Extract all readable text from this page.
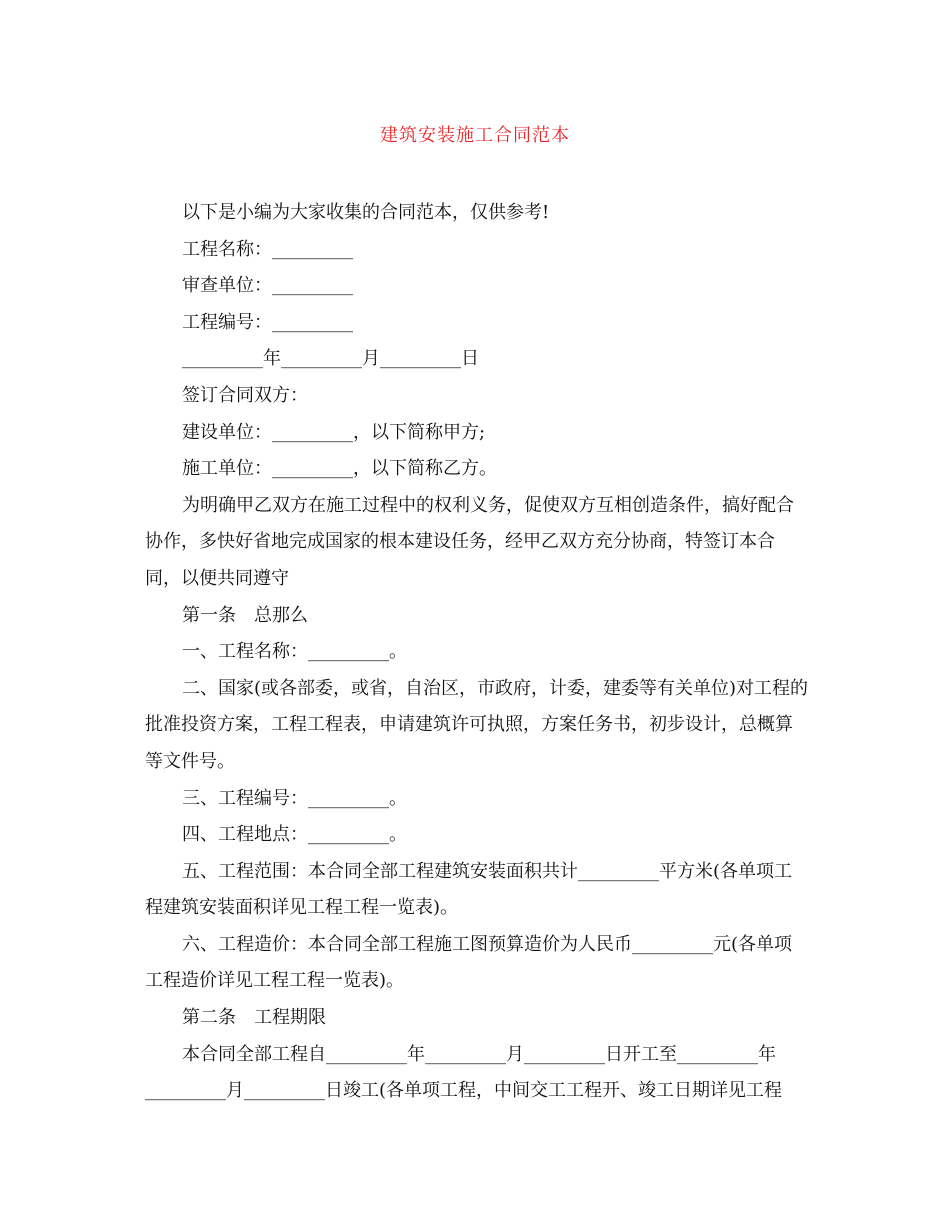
建筑安装施工合同范本

以下是小编为大家收集的合同范本，仅供参考!

工程名称：_________

审查单位：_________

工程编号：_________

_________年_________月_________日

签订合同双方：

建设单位：_________，以下简称甲方;

施工单位：_________，以下简称乙方。

为明确甲乙双方在施工过程中的权利义务，促使双方互相创造条件，搞好配合协作，多快好省地完成国家的根本建设任务，经甲乙双方充分协商，特签订本合同，以便共同遵守

第一条　总那么

一、工程名称：_________。

二、国家(或各部委，或省，自治区，市政府，计委，建委等有关单位)对工程的批准投资方案，工程工程表，申请建筑许可执照，方案任务书，初步设计，总概算等文件号。

三、工程编号：_________。

四、工程地点：_________。

五、工程范围：本合同全部工程建筑安装面积共计_________平方米(各单项工程建筑安装面积详见工程工程一览表)。

六、工程造价：本合同全部工程施工图预算造价为人民币_________元(各单项工程造价详见工程工程一览表)。

第二条　工程期限

本合同全部工程自_________年_________月_________日开工至_________年_________月_________日竣工(各单项工程，中间交工工程开、竣工日期详见工程
